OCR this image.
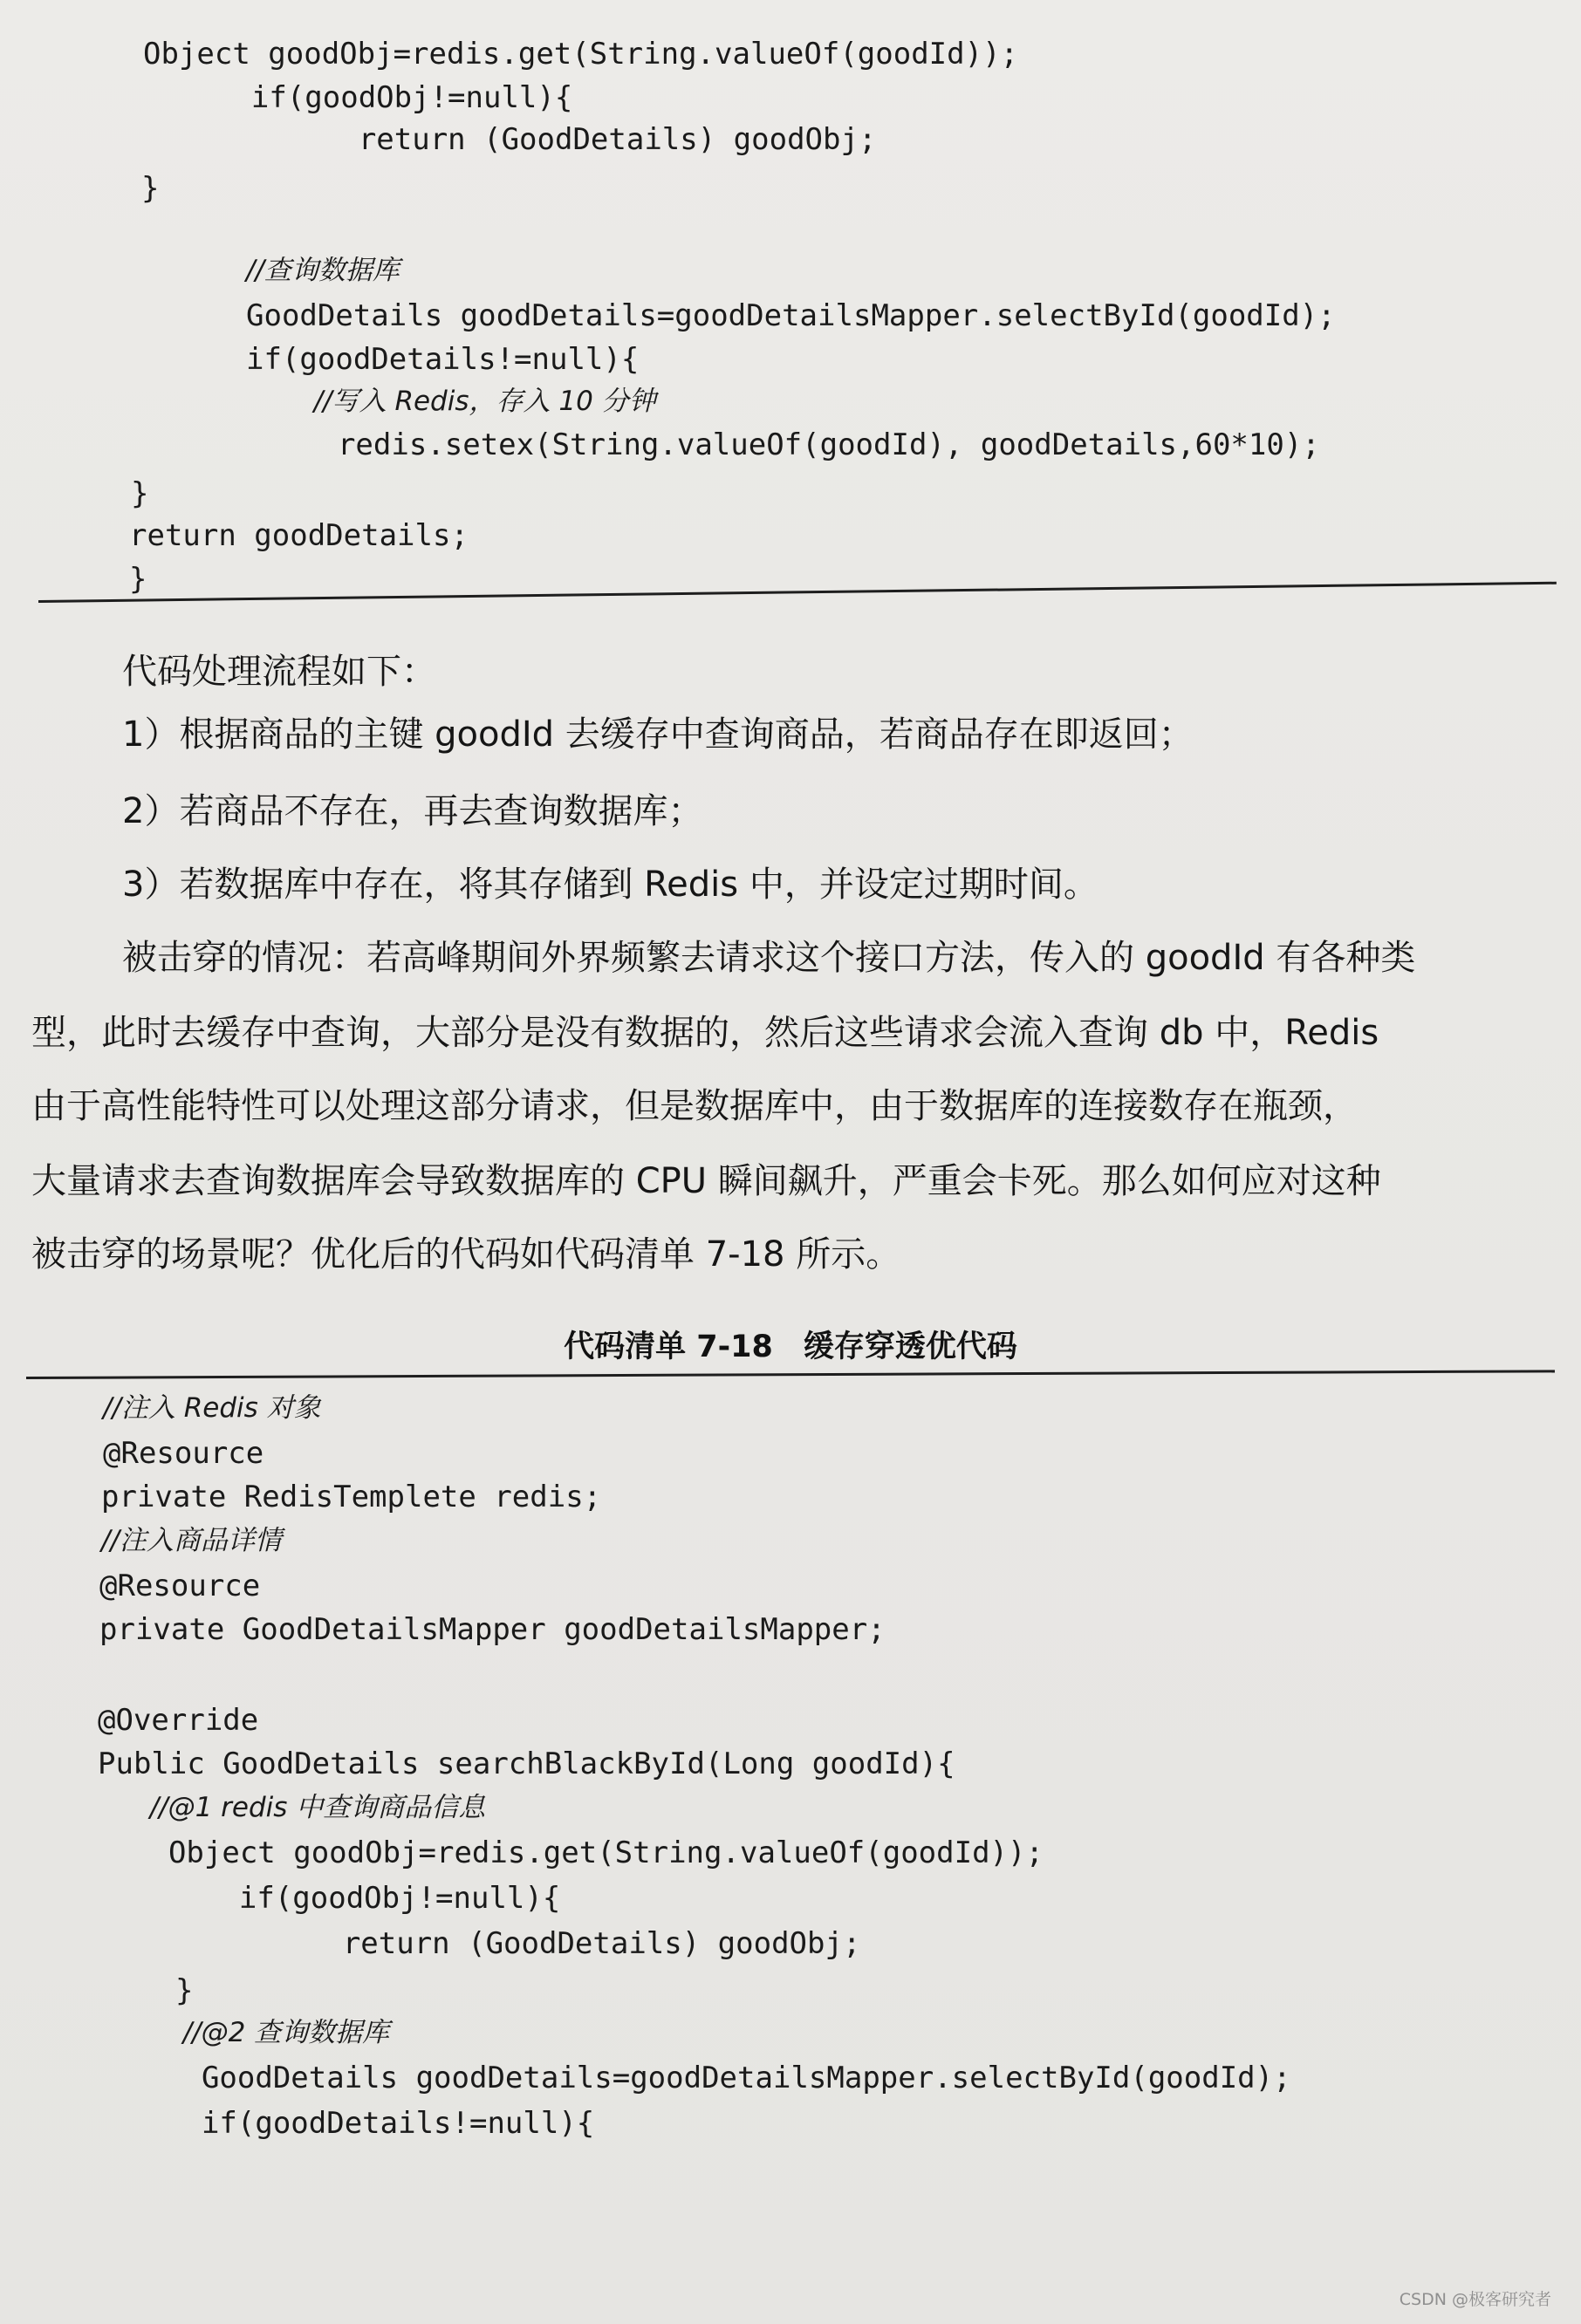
Object goodObj=redis.get(String.valueOf(goodId));
if(goodObj!=null){
return (GoodDetails) goodObj;
}
//查询数据库
GoodDetails goodDetails=goodDetailsMapper.selectById(goodId);
if(goodDetails!=null){
//写入 Redis，存入 10 分钟
redis.setex(String.valueOf(goodId), goodDetails,60*10);
}
return goodDetails;
}
代码处理流程如下：
1）根据商品的主键 goodId 去缓存中查询商品，若商品存在即返回；
2）若商品不存在，再去查询数据库；
3）若数据库中存在，将其存储到 Redis 中，并设定过期时间。
被击穿的情况：若高峰期间外界频繁去请求这个接口方法，传入的 goodId 有各种类
型，此时去缓存中查询，大部分是没有数据的，然后这些请求会流入查询 db 中，Redis
由于高性能特性可以处理这部分请求，但是数据库中，由于数据库的连接数存在瓶颈，
大量请求去查询数据库会导致数据库的 CPU 瞬间飙升，严重会卡死。那么如何应对这种
被击穿的场景呢？优化后的代码如代码清单 7-18 所示。
代码清单 7-18　缓存穿透优代码
//注入 Redis 对象
@Resource
private RedisTemplete redis;
//注入商品详情
@Resource
private GoodDetailsMapper goodDetailsMapper;
@Override
Public GoodDetails searchBlackById(Long goodId){
//@1 redis 中查询商品信息
Object goodObj=redis.get(String.valueOf(goodId));
if(goodObj!=null){
return (GoodDetails) goodObj;
}
//@2 查询数据库
GoodDetails goodDetails=goodDetailsMapper.selectById(goodId);
if(goodDetails!=null){
CSDN @极客研究者
